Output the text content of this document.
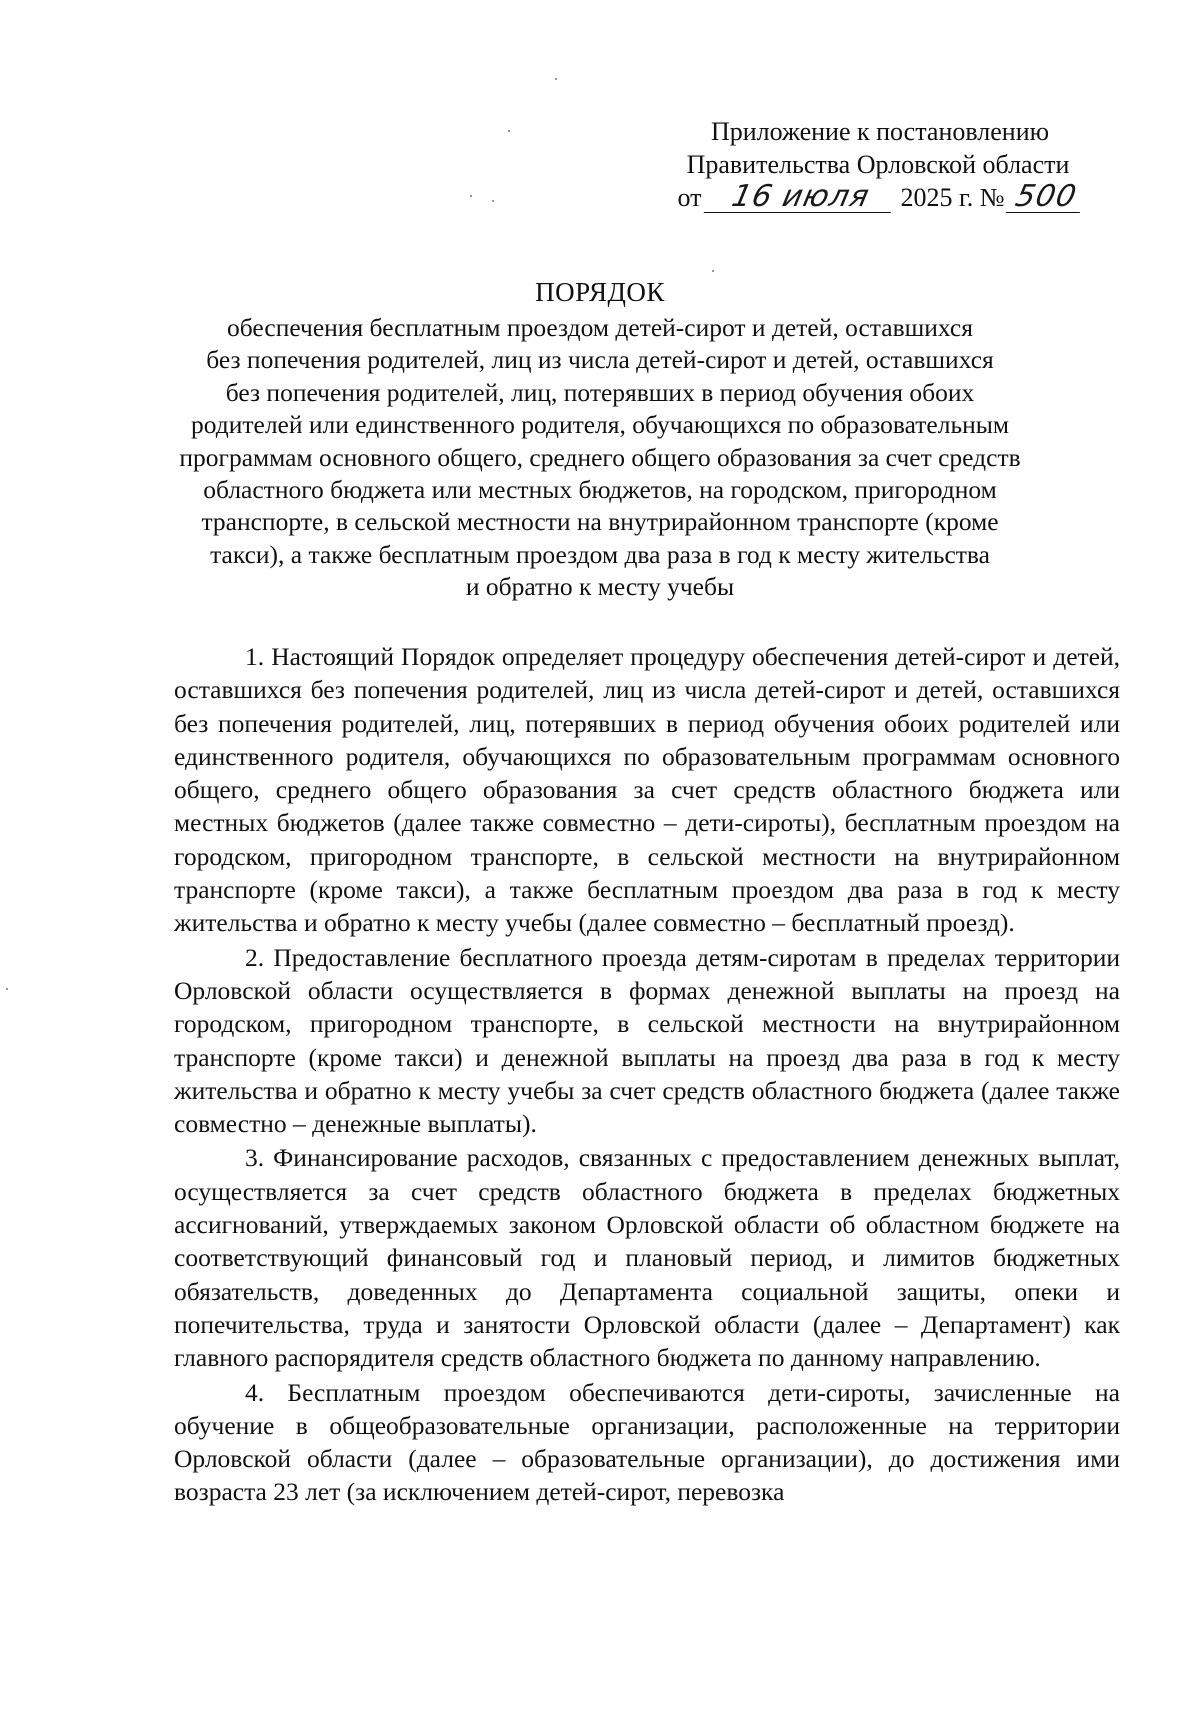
Приложение к постановлению
Правительства Орловской области
от 16 июля	2025 г. № 500
ПОРЯДОК
обеспечения бесплатным проездом детей-сирот и детей, оставшихся
без попечения родителей, лиц из числа детей-сирот и детей, оставшихся
без попечения родителей, лиц, потерявших в период обучения обоих
родителей или единственного родителя, обучающихся по образовательным
программам основного общего, среднего общего образования за счет средств
областного бюджета или местных бюджетов, на городском, пригородном
транспорте, в сельской местности на внутрирайонном транспорте (кроме
такси), а также бесплатным проездом два раза в год к месту жительства
и обратно к месту учебы

1. Настоящий Порядок определяет процедуру обеспечения детей-сирот и детей, оставшихся без попечения родителей, лиц из числа детей-сирот и детей, оставшихся без попечения родителей, лиц, потерявших в период обучения обоих родителей или единственного родителя, обучающихся по образовательным программам основного общего, среднего общего образования за счет средств областного бюджета или местных бюджетов (далее также совместно – дети-сироты), бесплатным проездом на городском, пригородном транспорте, в сельской местности на внутрирайонном транспорте (кроме такси), а также бесплатным проездом два раза в год к месту жительства и обратно к месту учебы (далее совместно – бесплатный проезд).

2. Предоставление бесплатного проезда детям-сиротам в пределах территории Орловской области осуществляется в формах денежной выплаты на проезд на городском, пригородном транспорте, в сельской местности на внутрирайонном транспорте (кроме такси) и денежной выплаты на проезд два раза в год к месту жительства и обратно к месту учебы за счет средств областного бюджета (далее также совместно – денежные выплаты).

3. Финансирование расходов, связанных с предоставлением денежных выплат, осуществляется за счет средств областного бюджета в пределах бюджетных ассигнований, утверждаемых законом Орловской области об областном бюджете на соответствующий финансовый год и плановый период, и лимитов бюджетных обязательств, доведенных до Департамента социальной защиты, опеки и попечительства, труда и занятости Орловской области (далее – Департамент) как главного распорядителя средств областного бюджета по данному направлению.

4. Бесплатным проездом обеспечиваются дети-сироты, зачисленные на обучение в общеобразовательные организации, расположенные на территории Орловской области (далее – образовательные организации), до достижения ими возраста 23 лет (за исключением детей-сирот, перевозка
